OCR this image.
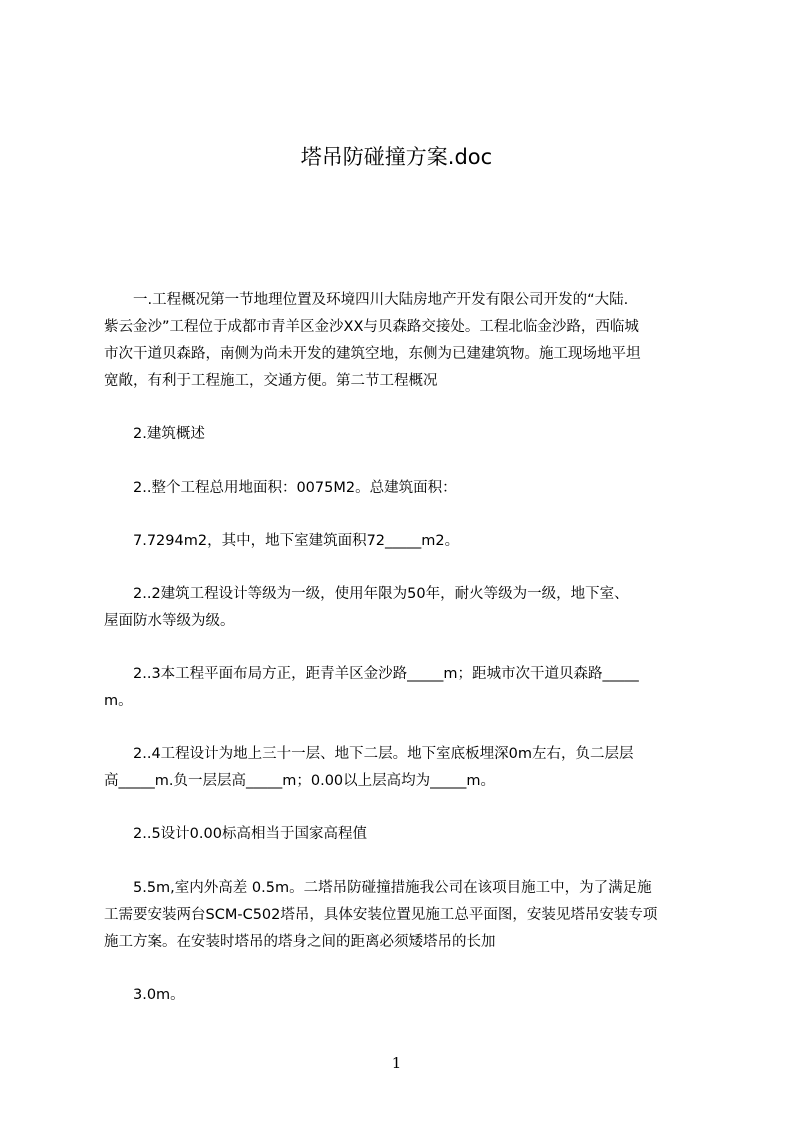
塔吊防碰撞方案.doc
　　一.工程概况第一节地理位置及环境四川大陆房地产开发有限公司开发的“大陆.
紫云金沙”工程位于成都市青羊区金沙XX与贝森路交接处。工程北临金沙路，西临城
市次干道贝森路，南侧为尚未开发的建筑空地，东侧为已建建筑物。施工现场地平坦
宽敞，有利于工程施工，交通方便。第二节工程概况
　　2.建筑概述
　　2..整个工程总用地面积：0075M2。总建筑面积：
　　7.7294m2，其中，地下室建筑面积72_____m2。
　　2..2建筑工程设计等级为一级，使用年限为50年，耐火等级为一级，地下室、
屋面防水等级为级。
　　2..3本工程平面布局方正，距青羊区金沙路_____m；距城市次干道贝森路_____
m。
　　2..4工程设计为地上三十一层、地下二层。地下室底板埋深0m左右，负二层层
高_____m.负一层层高_____m；0.00以上层高均为_____m。
　　2..5设计0.00标高相当于国家高程值
　　5.5m,室内外高差 0.5m。二塔吊防碰撞措施我公司在该项目施工中，为了满足施
工需要安装两台SCM-C502塔吊，具体安装位置见施工总平面图，安装见塔吊安装专项
施工方案。在安装时塔吊的塔身之间的距离必须矮塔吊的长加
　　3.0m。
1
